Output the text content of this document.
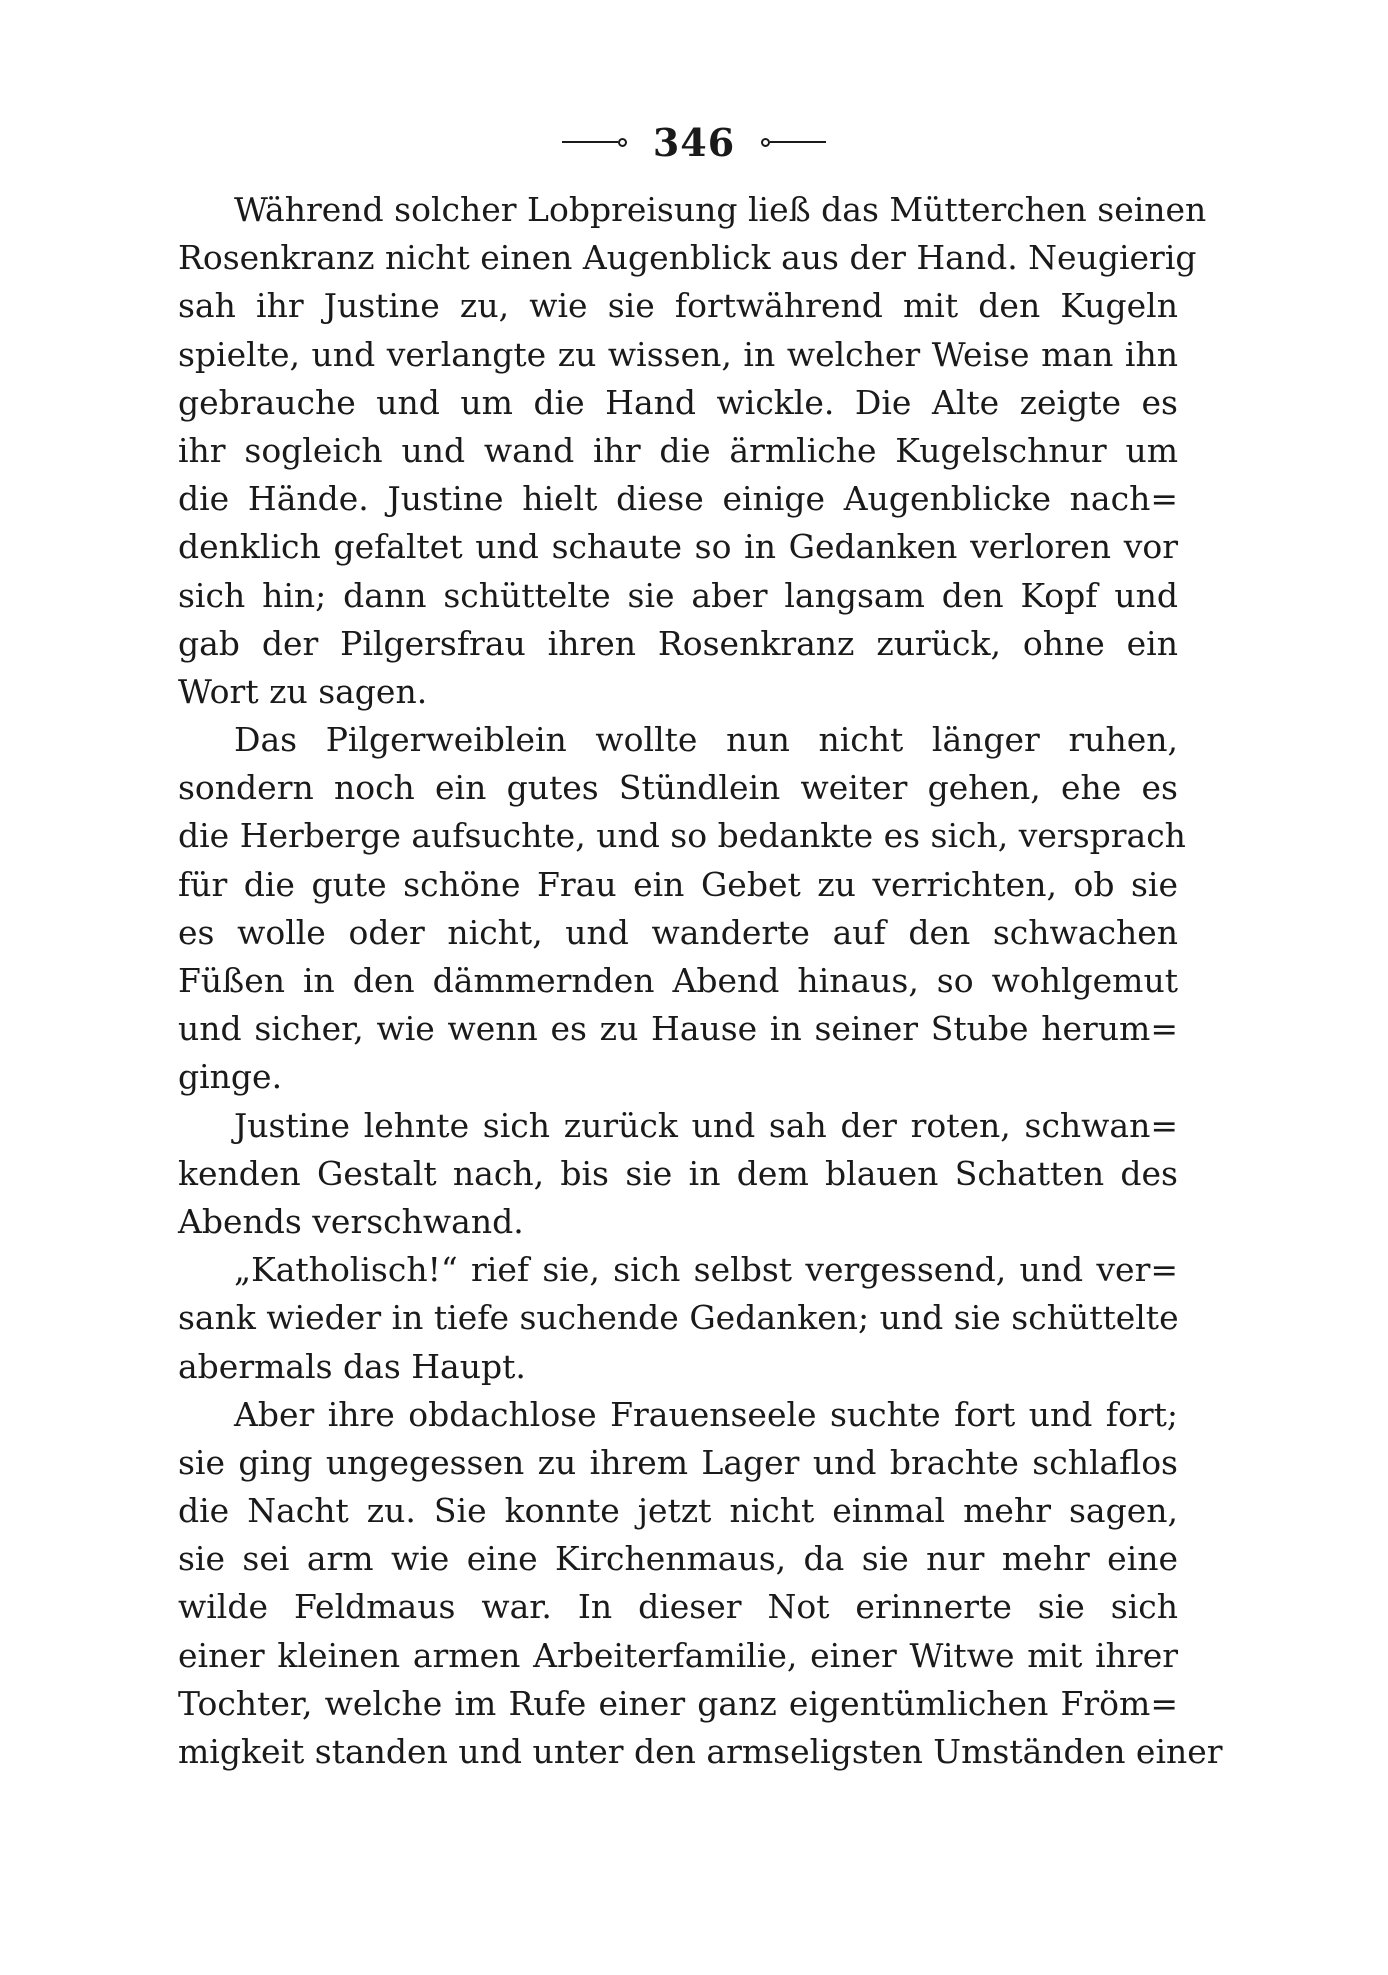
346
Während solcher Lobpreisung ließ das Mütterchen seinen
Rosenkranz nicht einen Augenblick aus der Hand. Neugierig
sah ihr Justine zu, wie sie fortwährend mit den Kugeln
spielte, und verlangte zu wissen, in welcher Weise man ihn
gebrauche und um die Hand wickle. Die Alte zeigte es
ihr sogleich und wand ihr die ärmliche Kugelschnur um
die Hände. Justine hielt diese einige Augenblicke nach=
denklich gefaltet und schaute so in Gedanken verloren vor
sich hin; dann schüttelte sie aber langsam den Kopf und
gab der Pilgersfrau ihren Rosenkranz zurück, ohne ein
Wort zu sagen.
Das Pilgerweiblein wollte nun nicht länger ruhen,
sondern noch ein gutes Stündlein weiter gehen, ehe es
die Herberge aufsuchte, und so bedankte es sich, versprach
für die gute schöne Frau ein Gebet zu verrichten, ob sie
es wolle oder nicht, und wanderte auf den schwachen
Füßen in den dämmernden Abend hinaus, so wohlgemut
und sicher, wie wenn es zu Hause in seiner Stube herum=
ginge.
Justine lehnte sich zurück und sah der roten, schwan=
kenden Gestalt nach, bis sie in dem blauen Schatten des
Abends verschwand.
„Katholisch!“ rief sie, sich selbst vergessend, und ver=
sank wieder in tiefe suchende Gedanken; und sie schüttelte
abermals das Haupt.
Aber ihre obdachlose Frauenseele suchte fort und fort;
sie ging ungegessen zu ihrem Lager und brachte schlaflos
die Nacht zu. Sie konnte jetzt nicht einmal mehr sagen,
sie sei arm wie eine Kirchenmaus, da sie nur mehr eine
wilde Feldmaus war. In dieser Not erinnerte sie sich
einer kleinen armen Arbeiterfamilie, einer Witwe mit ihrer
Tochter, welche im Rufe einer ganz eigentümlichen Fröm=
migkeit standen und unter den armseligsten Umständen einer
